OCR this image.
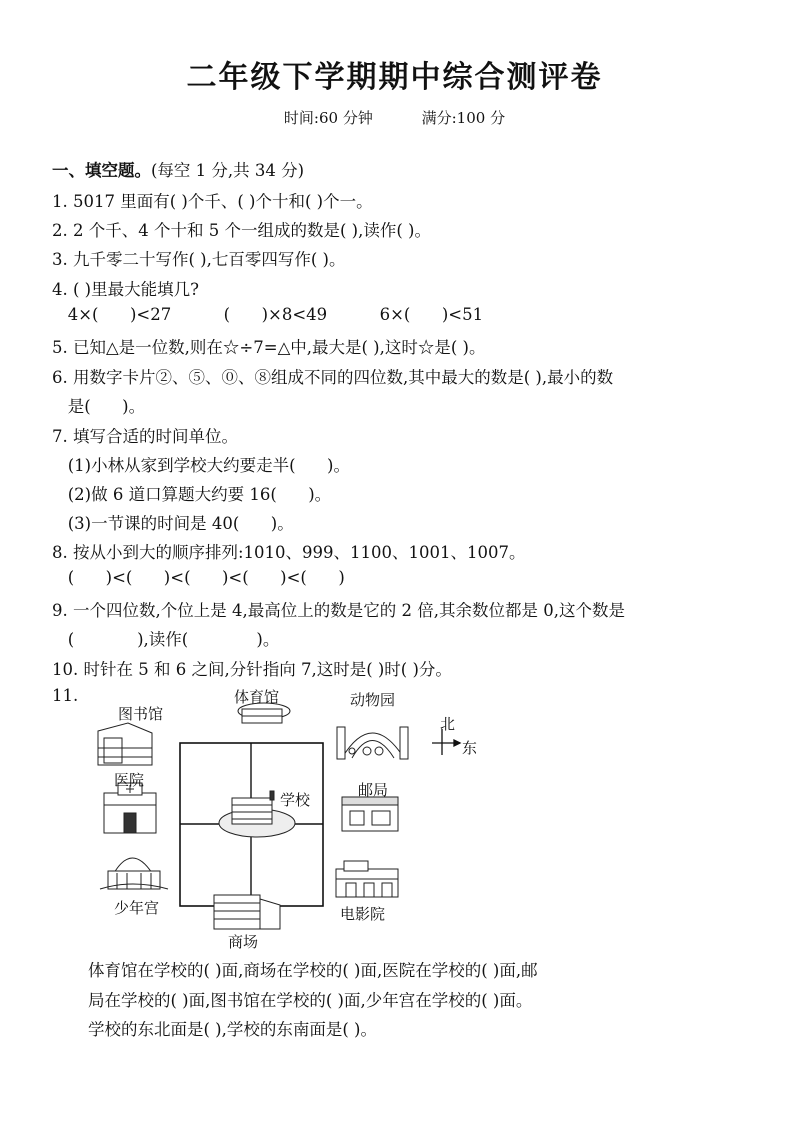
二年级下学期期中综合测评卷
时间:60 分钟	满分:100 分
一、填空题。(每空 1 分,共 34 分)
1. 5017 里面有( )个千、( )个十和( )个一。
2. 2 个千、4 个十和 5 个一组成的数是( ),读作( )。
3. 九千零二十写作( ),七百零四写作( )。
4. ( )里最大能填几?
4×(      )<27          (      )×8<49          6×(      )<51
5. 已知△是一位数,则在☆÷7=△中,最大是( ),这时☆是( )。
6. 用数字卡片②、⑤、⓪、⑧组成不同的四位数,其中最大的数是( ),最小的数
是(      )。
7. 填写合适的时间单位。
(1)小林从家到学校大约要走半(      )。
(2)做 6 道口算题大约要 16(      )。
(3)一节课的时间是 40(      )。
8. 按从小到大的顺序排列:1010、999、1100、1001、1007。
(      )<(      )<(      )<(      )<(      )
9. 一个四位数,个位上是 4,最高位上的数是它的 2 倍,其余数位都是 0,这个数是
(            ),读作(             )。
10. 时针在 5 和 6 之间,分针指向 7,这时是( )时( )分。
11.	体育馆
图书馆
动物园
北
东
医院
学校
邮局
少年宫	电影院
商场
体育馆在学校的( )面,商场在学校的( )面,医院在学校的( )面,邮
局在学校的( )面,图书馆在学校的( )面,少年宫在学校的( )面。
学校的东北面是( ),学校的东南面是( )。
